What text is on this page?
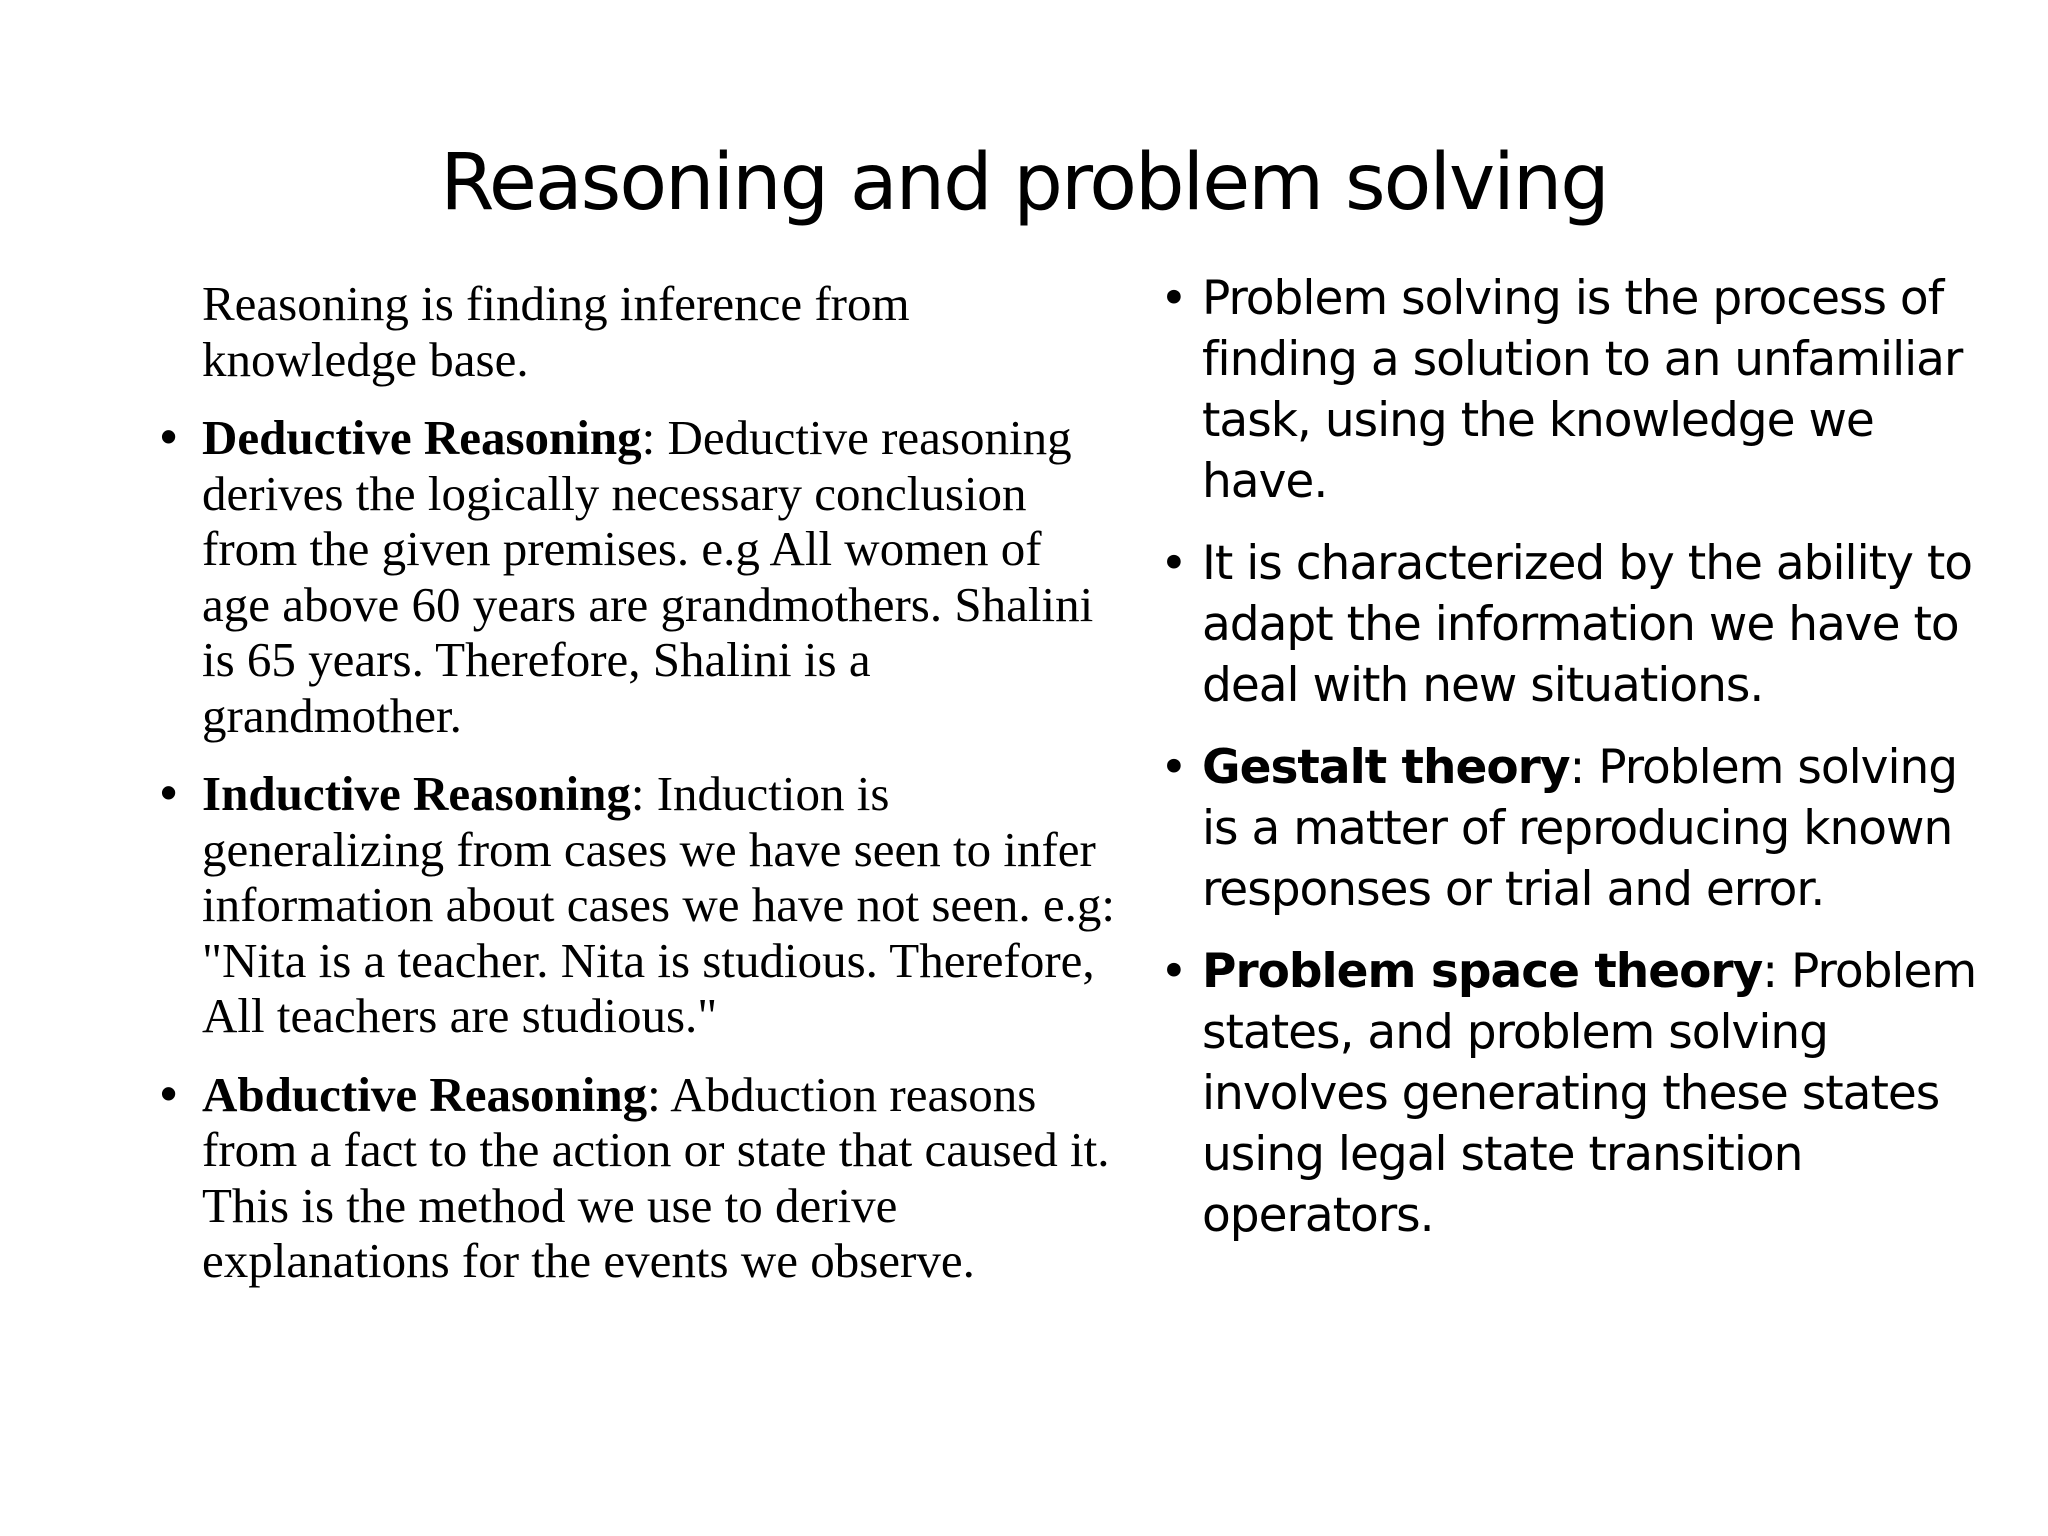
Reasoning and problem solving
Reasoning is finding inference from knowledge base.
• Deductive Reasoning: Deductive reasoning derives the logically necessary conclusion from the given premises. e.g All women of age above 60 years are grandmothers. Shalini is 65 years. Therefore, Shalini is a grandmother.
• Inductive Reasoning: Induction is generalizing from cases we have seen to infer information about cases we have not seen. e.g: "Nita is a teacher. Nita is studious. Therefore, All teachers are studious."
• Abductive Reasoning: Abduction reasons from a fact to the action or state that caused it. This is the method we use to derive explanations for the events we observe.
• Problem solving is the process of finding a solution to an unfamiliar task, using the knowledge we have.
• It is characterized by the ability to adapt the information we have to deal with new situations.
• Gestalt theory: Problem solving is a matter of reproducing known responses or trial and error.
• Problem space theory: Problem states, and problem solving involves generating these states using legal state transition operators.
